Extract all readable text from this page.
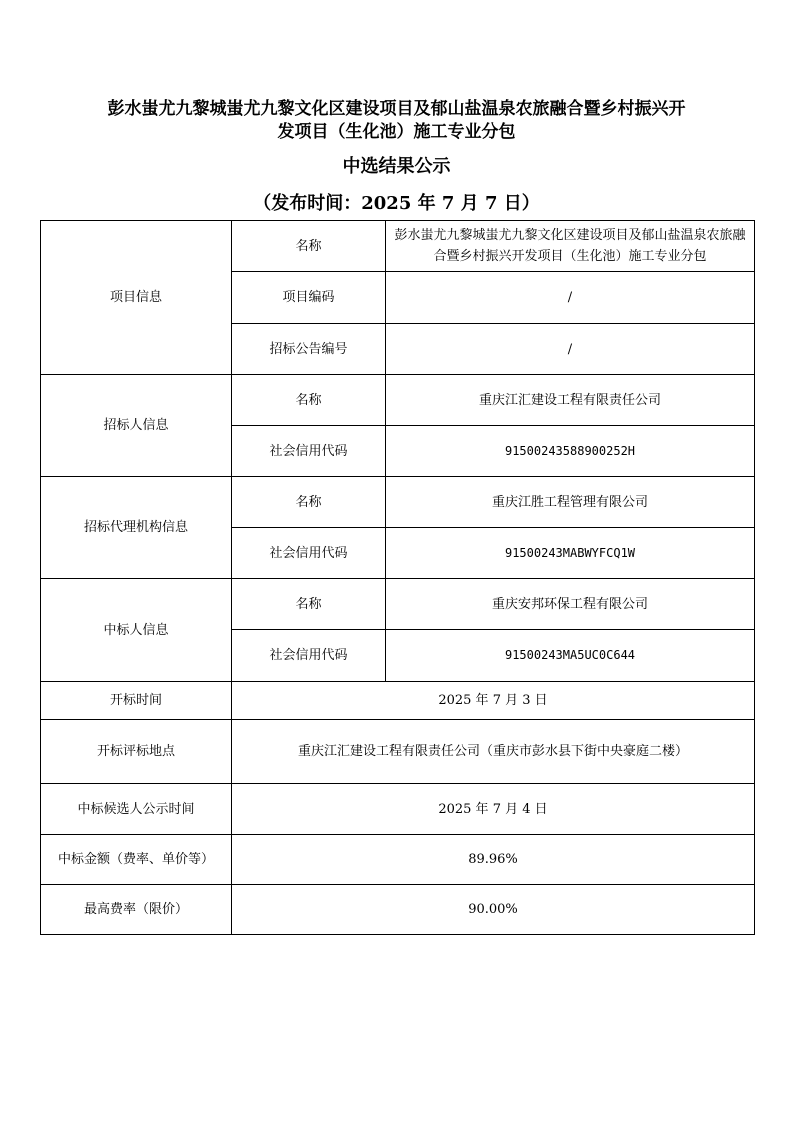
彭水蚩尤九黎城蚩尤九黎文化区建设项目及郁山盐温泉农旅融合暨乡村振兴开
发项目（生化池）施工专业分包
中选结果公示
（发布时间：2025 年 7 月 7 日）
项目信息	名称	彭水蚩尤九黎城蚩尤九黎文化区建设项目及郁山盐温泉农旅融合暨乡村振兴开发项目（生化池）施工专业分包
	项目编码	/
	招标公告编号	/
招标人信息	名称	重庆江汇建设工程有限责任公司
	社会信用代码	91500243588900252H
招标代理机构信息	名称	重庆江胜工程管理有限公司
	社会信用代码	91500243MABWYFCQ1W
中标人信息	名称	重庆安邦环保工程有限公司
	社会信用代码	91500243MA5UC0C644
开标时间	2025 年 7 月 3 日	
开标评标地点	重庆江汇建设工程有限责任公司（重庆市彭水县下街中央豪庭二楼）	
中标候选人公示时间	2025 年 7 月 4 日	
中标金额（费率、单价等）	89.96%	
最高费率（限价）	90.00%	
